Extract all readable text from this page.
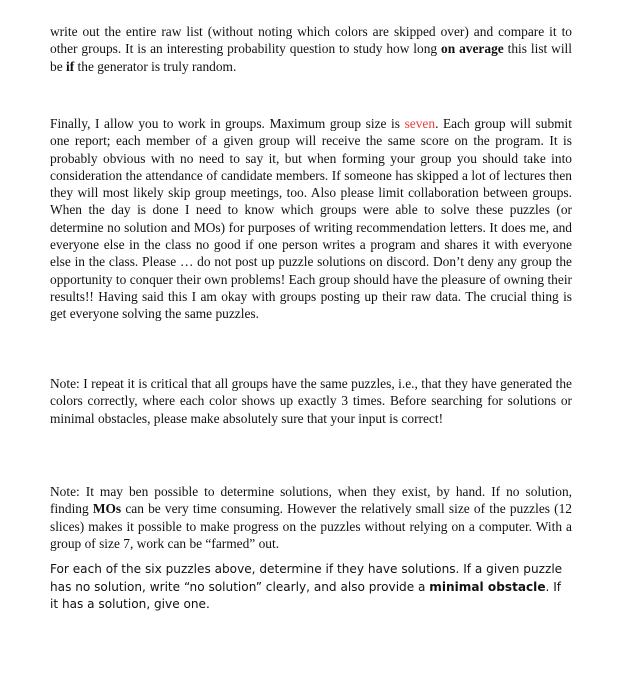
write out the entire raw list (without noting which colors are skipped over) and compare it to other groups. It is an interesting probability question to study how long on average this list will be if the generator is truly random.

Finally, I allow you to work in groups. Maximum group size is seven. Each group will submit one report; each member of a given group will receive the same score on the program. It is probably obvious with no need to say it, but when forming your group you should take into consideration the attendance of candidate members. If someone has skipped a lot of lectures then they will most likely skip group meetings, too. Also please limit collaboration between groups. When the day is done I need to know which groups were able to solve these puzzles (or determine no solution and MOs) for purposes of writing recommendation letters. It does me, and everyone else in the class no good if one person writes a program and shares it with everyone else in the class. Please … do not post up puzzle solutions on discord. Don’t deny any group the opportunity to conquer their own problems! Each group should have the pleasure of owning their results!! Having said this I am okay with groups posting up their raw data. The crucial thing is get everyone solving the same puzzles.

Note: I repeat it is critical that all groups have the same puzzles, i.e., that they have generated the colors correctly, where each color shows up exactly 3 times. Before searching for solutions or minimal obstacles, please make absolutely sure that your input is correct!

Note: It may ben possible to determine solutions, when they exist, by hand. If no solution, finding MOs can be very time consuming. However the relatively small size of the puzzles (12 slices) makes it possible to make progress on the puzzles without relying on a computer. With a group of size 7, work can be “farmed” out.

For each of the six puzzles above, determine if they have solutions. If a given puzzle has no solution, write “no solution” clearly, and also provide a minimal obstacle. If it has a solution, give one.
